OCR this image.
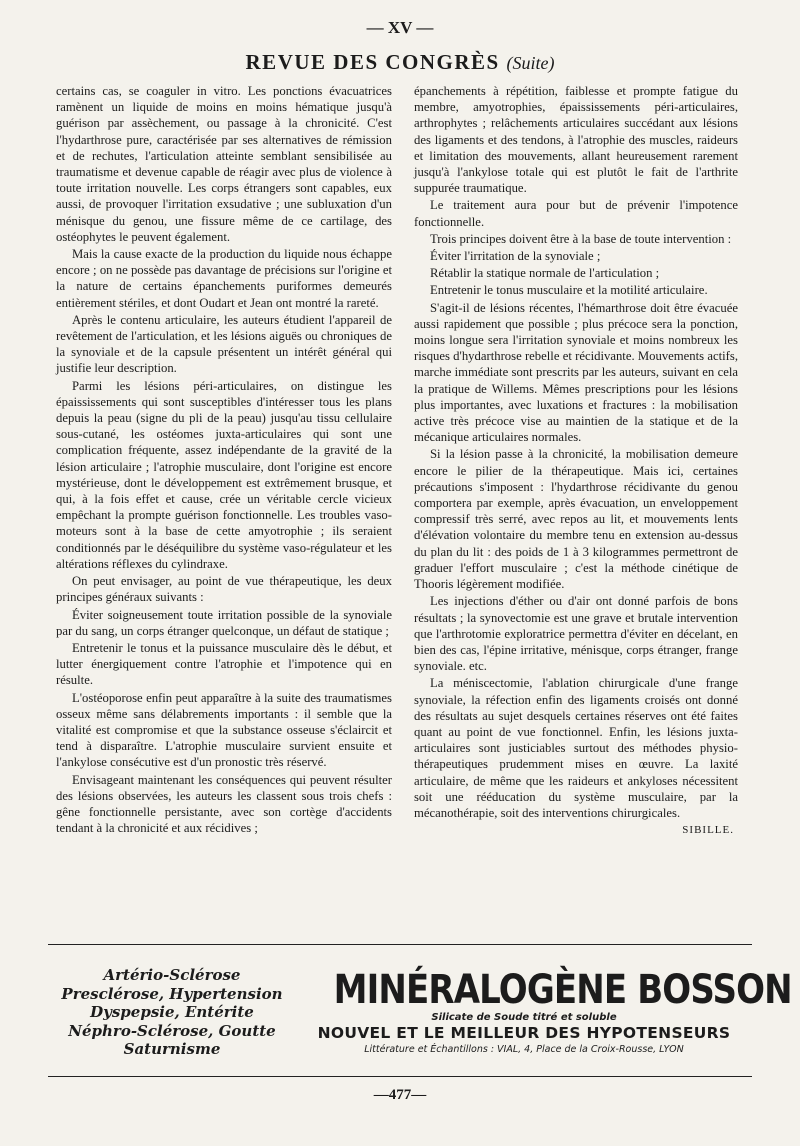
— XV —
REVUE DES CONGRÈS (Suite)

certains cas, se coaguler in vitro. Les ponctions évacuatrices ramènent un liquide de moins en moins hématique jusqu'à guérison par assèchement, ou passage à la chronicité. C'est l'hydarthrose pure, caractérisée par ses alternatives de rémission et de rechutes, l'articulation atteinte semblant sensibilisée au traumatisme et devenue capable de réagir avec plus de violence à toute irritation nouvelle. Les corps étrangers sont capables, eux aussi, de provoquer l'irritation exsudative ; une subluxation d'un ménisque du genou, une fissure même de ce cartilage, des ostéophytes le peuvent également.

Mais la cause exacte de la production du liquide nous échappe encore ; on ne possède pas davantage de précisions sur l'origine et la nature de certains épanchements puriformes demeurés entièrement stériles, et dont Oudart et Jean ont montré la rareté.

Après le contenu articulaire, les auteurs étudient l'appareil de revêtement de l'articulation, et les lésions aiguës ou chroniques de la synoviale et de la capsule présentent un intérêt général qui justifie leur description.

Parmi les lésions péri-articulaires, on distingue les épaississements qui sont susceptibles d'intéresser tous les plans depuis la peau (signe du pli de la peau) jusqu'au tissu cellulaire sous-cutané, les ostéomes juxta-articulaires qui sont une complication fréquente, assez indépendante de la gravité de la lésion articulaire ; l'atrophie musculaire, dont l'origine est encore mystérieuse, dont le développement est extrêmement brusque, et qui, à la fois effet et cause, crée un véritable cercle vicieux empêchant la prompte guérison fonctionnelle. Les troubles vaso-moteurs sont à la base de cette amyotrophie ; ils seraient conditionnés par le déséquilibre du système vaso-régulateur et les altérations réflexes du cylindraxe.

On peut envisager, au point de vue thérapeutique, les deux principes généraux suivants :

Éviter soigneusement toute irritation possible de la synoviale par du sang, un corps étranger quelconque, un défaut de statique ;

Entretenir le tonus et la puissance musculaire dès le début, et lutter énergiquement contre l'atrophie et l'impotence qui en résulte.

L'ostéoporose enfin peut apparaître à la suite des traumatismes osseux même sans délabrements importants : il semble que la vitalité est compromise et que la substance osseuse s'éclaircit et tend à disparaître. L'atrophie musculaire survient ensuite et l'ankylose consécutive est d'un pronostic très réservé.

Envisageant maintenant les conséquences qui peuvent résulter des lésions observées, les auteurs les classent sous trois chefs : gêne fonctionnelle persistante, avec son cortège d'accidents tendant à la chronicité et aux récidives ;

épanchements à répétition, faiblesse et prompte fatigue du membre, amyotrophies, épaississements péri-articulaires, arthrophytes ; relâchements articulaires succédant aux lésions des ligaments et des tendons, à l'atrophie des muscles, raideurs et limitation des mouvements, allant heureusement rarement jusqu'à l'ankylose totale qui est plutôt le fait de l'arthrite suppurée traumatique.

Le traitement aura pour but de prévenir l'impotence fonctionnelle.

Trois principes doivent être à la base de toute intervention :

Éviter l'irritation de la synoviale ;

Rétablir la statique normale de l'articulation ;

Entretenir le tonus musculaire et la motilité articulaire.

S'agit-il de lésions récentes, l'hémarthrose doit être évacuée aussi rapidement que possible ; plus précoce sera la ponction, moins longue sera l'irritation synoviale et moins nombreux les risques d'hydarthrose rebelle et récidivante. Mouvements actifs, marche immédiate sont prescrits par les auteurs, suivant en cela la pratique de Willems. Mêmes prescriptions pour les lésions plus importantes, avec luxations et fractures : la mobilisation active très précoce vise au maintien de la statique et de la mécanique articulaires normales.

Si la lésion passe à la chronicité, la mobilisation demeure encore le pilier de la thérapeutique. Mais ici, certaines précautions s'imposent : l'hydarthrose récidivante du genou comportera par exemple, après évacuation, un enveloppement compressif très serré, avec repos au lit, et mouvements lents d'élévation volontaire du membre tenu en extension au-dessus du plan du lit : des poids de 1 à 3 kilogrammes permettront de graduer l'effort musculaire ; c'est la méthode cinétique de Thooris légèrement modifiée.

Les injections d'éther ou d'air ont donné parfois de bons résultats ; la synovectomie est une grave et brutale intervention que l'arthrotomie exploratrice permettra d'éviter en décelant, en bien des cas, l'épine irritative, ménisque, corps étranger, frange synoviale. etc.

La méniscectomie, l'ablation chirurgicale d'une frange synoviale, la réfection enfin des ligaments croisés ont donné des résultats au sujet desquels certaines réserves ont été faites quant au point de vue fonctionnel. Enfin, les lésions juxta-articulaires sont justiciables surtout des méthodes physio-thérapeutiques prudemment mises en œuvre. La laxité articulaire, de même que les raideurs et ankyloses nécessitent soit une rééducation du système musculaire, par la mécanothérapie, soit des interventions chirurgicales.

SIBILLE.

Artério-Sclérose
Presclérose, Hypertension
Dyspepsie, Entérite
Néphro-Sclérose, Goutte
Saturnisme
MINÉRALOGÈNE BOSSON
Silicate de Soude titré et soluble
NOUVEL ET LE MEILLEUR DES HYPOTENSEURS
Littérature et Échantillons : VIAL, 4, Place de la Croix-Rousse, LYON
—477—
